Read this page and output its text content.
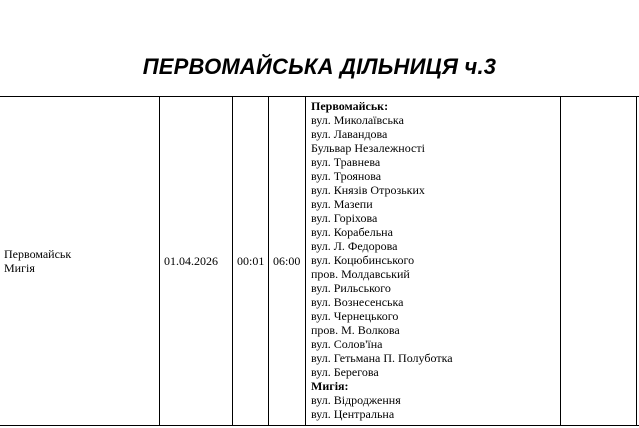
ПЕРВОМАЙСЬКА ДІЛЬНИЦЯ ч.3
Первомайськ
Мигія	01.04.2026 00:01 06:00
Первомайськ:
вул. Миколаївська
вул. Лавандова
Бульвар Незалежності
вул. Травнева
вул. Троянова
вул. Князів Отрозьких
вул. Мазепи
вул. Горіхова
вул. Корабельна
вул. Л. Федорова
вул. Коцюбинського
пров. Молдавський
вул. Рильського
вул. Вознесенська
вул. Чернецького
пров. М. Волкова
вул. Солов'їна
вул. Гетьмана П. Полуботка
вул. Берегова
Мигія:
вул. Відродження
вул. Центральна
